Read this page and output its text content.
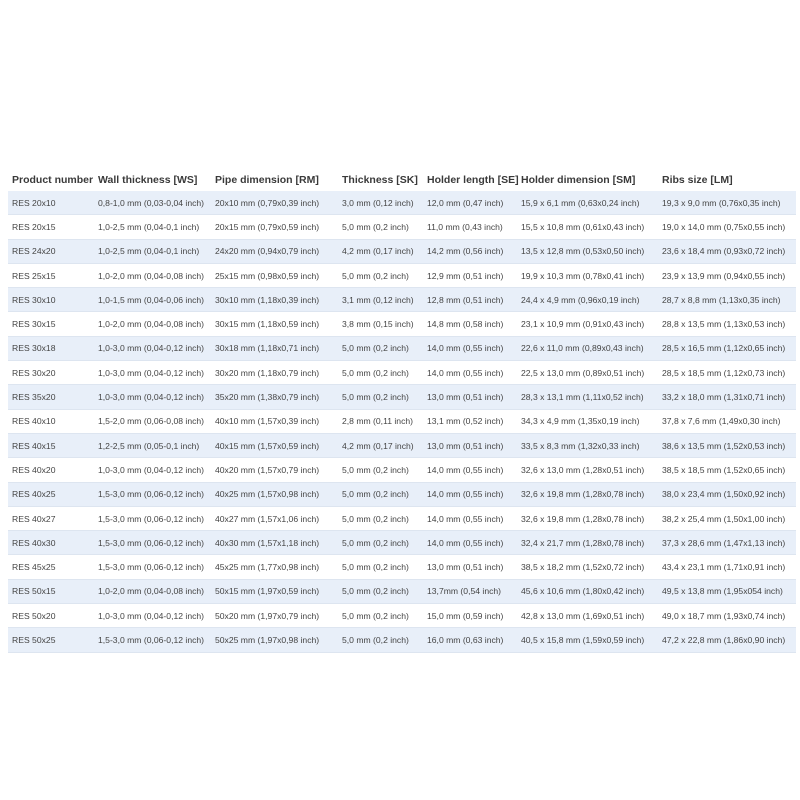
Product number	Wall thickness [WS]	Pipe dimension [RM]	Thickness [SK]	Holder length [SE]	Holder dimension [SM]	Ribs size [LM]
RES 20x10	0,8-1,0 mm (0,03-0,04 inch)	20x10 mm (0,79x0,39 inch)	3,0 mm (0,12 inch)	12,0 mm (0,47 inch)	15,9 x 6,1 mm (0,63x0,24 inch)	19,3 x 9,0 mm (0,76x0,35 inch)
RES 20x15	1,0-2,5 mm (0,04-0,1 inch)	20x15 mm (0,79x0,59 inch)	5,0 mm (0,2 inch)	11,0 mm (0,43 inch)	15,5 x 10,8 mm (0,61x0,43 inch)	19,0 x 14,0 mm (0,75x0,55 inch)
RES 24x20	1,0-2,5 mm (0,04-0,1 inch)	24x20 mm (0,94x0,79 inch)	4,2 mm (0,17 inch)	14,2 mm (0,56 inch)	13,5 x 12,8 mm (0,53x0,50 inch)	23,6 x 18,4 mm (0,93x0,72 inch)
RES 25x15	1,0-2,0 mm (0,04-0,08 inch)	25x15 mm (0,98x0,59 inch)	5,0 mm (0,2 inch)	12,9 mm (0,51 inch)	19,9 x 10,3 mm (0,78x0,41 inch)	23,9 x 13,9 mm (0,94x0,55 inch)
RES 30x10	1,0-1,5 mm (0,04-0,06 inch)	30x10 mm (1,18x0,39 inch)	3,1 mm (0,12 inch)	12,8 mm (0,51 inch)	24,4 x 4,9 mm (0,96x0,19 inch)	28,7 x 8,8 mm (1,13x0,35 inch)
RES 30x15	1,0-2,0 mm (0,04-0,08 inch)	30x15 mm (1,18x0,59 inch)	3,8 mm (0,15 inch)	14,8 mm (0,58 inch)	23,1 x 10,9 mm (0,91x0,43 inch)	28,8 x 13,5 mm (1,13x0,53 inch)
RES 30x18	1,0-3,0 mm (0,04-0,12 inch)	30x18 mm (1,18x0,71 inch)	5,0 mm (0,2 inch)	14,0 mm (0,55 inch)	22,6 x 11,0 mm (0,89x0,43 inch)	28,5 x 16,5 mm (1,12x0,65 inch)
RES 30x20	1,0-3,0 mm (0,04-0,12 inch)	30x20 mm (1,18x0,79 inch)	5,0 mm (0,2 inch)	14,0 mm (0,55 inch)	22,5 x 13,0 mm (0,89x0,51 inch)	28,5 x 18,5 mm (1,12x0,73 inch)
RES 35x20	1,0-3,0 mm (0,04-0,12 inch)	35x20 mm (1,38x0,79 inch)	5,0 mm (0,2 inch)	13,0 mm (0,51 inch)	28,3 x 13,1 mm (1,11x0,52 inch)	33,2 x 18,0 mm (1,31x0,71 inch)
RES 40x10	1,5-2,0 mm (0,06-0,08 inch)	40x10 mm (1,57x0,39 inch)	2,8 mm (0,11 inch)	13,1 mm (0,52 inch)	34,3 x 4,9 mm (1,35x0,19 inch)	37,8 x 7,6 mm (1,49x0,30 inch)
RES 40x15	1,2-2,5 mm (0,05-0,1 inch)	40x15 mm (1,57x0,59 inch)	4,2 mm (0,17 inch)	13,0 mm (0,51 inch)	33,5 x 8,3 mm (1,32x0,33 inch)	38,6 x 13,5 mm (1,52x0,53 inch)
RES 40x20	1,0-3,0 mm (0,04-0,12 inch)	40x20 mm (1,57x0,79 inch)	5,0 mm (0,2 inch)	14,0 mm (0,55 inch)	32,6 x 13,0 mm (1,28x0,51 inch)	38,5 x 18,5 mm (1,52x0,65 inch)
RES 40x25	1,5-3,0 mm (0,06-0,12 inch)	40x25 mm (1,57x0,98 inch)	5,0 mm (0,2 inch)	14,0 mm (0,55 inch)	32,6 x 19,8 mm (1,28x0,78 inch)	38,0 x 23,4 mm (1,50x0,92 inch)
RES 40x27	1,5-3,0 mm (0,06-0,12 inch)	40x27 mm (1,57x1,06 inch)	5,0 mm (0,2 inch)	14,0 mm (0,55 inch)	32,6 x 19,8 mm (1,28x0,78 inch)	38,2 x 25,4 mm (1,50x1,00 inch)
RES 40x30	1,5-3,0 mm (0,06-0,12 inch)	40x30 mm (1,57x1,18 inch)	5,0 mm (0,2 inch)	14,0 mm (0,55 inch)	32,4 x 21,7 mm (1,28x0,78 inch)	37,3 x 28,6 mm (1,47x1,13 inch)
RES 45x25	1,5-3,0 mm (0,06-0,12 inch)	45x25 mm (1,77x0,98 inch)	5,0 mm (0,2 inch)	13,0 mm (0,51 inch)	38,5 x 18,2 mm (1,52x0,72 inch)	43,4 x 23,1 mm (1,71x0,91 inch)
RES 50x15	1,0-2,0 mm (0,04-0,08 inch)	50x15 mm (1,97x0,59 inch)	5,0 mm (0,2 inch)	13,7mm (0,54 inch)	45,6 x 10,6 mm (1,80x0,42 inch)	49,5 x 13,8 mm (1,95x054 inch)
RES 50x20	1,0-3,0 mm (0,04-0,12 inch)	50x20 mm (1,97x0,79 inch)	5,0 mm (0,2 inch)	15,0 mm (0,59 inch)	42,8 x 13,0 mm (1,69x0,51 inch)	49,0 x 18,7 mm (1,93x0,74 inch)
RES 50x25	1,5-3,0 mm (0,06-0,12 inch)	50x25 mm (1,97x0,98 inch)	5,0 mm (0,2 inch)	16,0 mm (0,63 inch)	40,5 x 15,8 mm (1,59x0,59 inch)	47,2 x 22,8 mm (1,86x0,90 inch)
